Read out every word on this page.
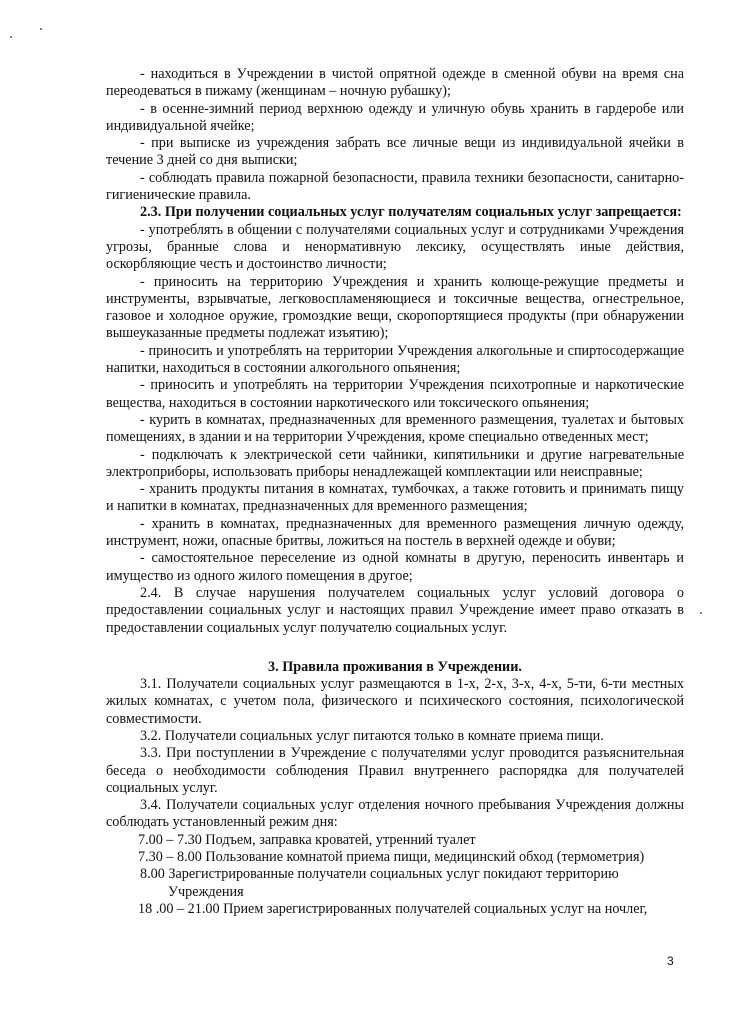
- находиться в Учреждении в чистой опрятной одежде в сменной обуви на время сна переодеваться в пижаму (женщинам – ночную рубашку);

- в осенне-зимний период верхнюю одежду и уличную обувь хранить в гардеробе или индивидуальной ячейке;

- при выписке из учреждения забрать все личные вещи из индивидуальной ячейки в течение 3 дней со дня выписки;

- соблюдать правила пожарной безопасности, правила техники безопасности, санитарно-гигиенические правила.

2.3. При получении социальных услуг получателям социальных услуг запрещается:

- употреблять в общении с получателями социальных услуг и сотрудниками Учреждения угрозы, бранные слова и ненормативную лексику, осуществлять иные действия, оскорбляющие честь и достоинство личности;

- приносить на территорию Учреждения и хранить колюще-режущие предметы и инструменты, взрывчатые, легковоспламеняющиеся и токсичные вещества, огнестрельное, газовое и холодное оружие, громоздкие вещи, скоропортящиеся продукты (при обнаружении вышеуказанные предметы подлежат изъятию);

- приносить и употреблять на территории Учреждения алкогольные и спиртосодержащие напитки, находиться в состоянии алкогольного опьянения;

- приносить и употреблять на территории Учреждения психотропные и наркотические вещества, находиться в состоянии наркотического или токсического опьянения;

- курить в комнатах, предназначенных для временного размещения, туалетах и бытовых помещениях, в здании и на территории Учреждения, кроме специально отведенных мест;

- подключать к электрической сети чайники, кипятильники и другие нагревательные электроприборы, использовать приборы ненадлежащей комплектации или неисправные;

- хранить продукты питания в комнатах, тумбочках, а также готовить и принимать пищу и напитки в комнатах, предназначенных для временного размещения;

- хранить в комнатах, предназначенных для временного размещения личную одежду, инструмент, ножи, опасные бритвы, ложиться на постель в верхней одежде и обуви;

- самостоятельное переселение из одной комнаты в другую, переносить инвентарь и имущество из одного жилого помещения в другое;

2.4. В случае нарушения получателем социальных услуг условий договора о предоставлении социальных услуг и настоящих правил Учреждение имеет право отказать в предоставлении социальных услуг получателю социальных услуг.

3. Правила проживания в Учреждении.

3.1. Получатели социальных услуг размещаются в 1-х, 2-х, 3-х, 4-х, 5-ти, 6-ти местных жилых комнатах, с учетом пола, физического и психического состояния, психологической совместимости.

3.2. Получатели социальных услуг питаются только в комнате приема пищи.

3.3. При поступлении в Учреждение с получателями услуг проводится разъяснительная беседа о необходимости соблюдения Правил внутреннего распорядка для получателей социальных услуг.

3.4. Получатели социальных услуг отделения ночного пребывания Учреждения должны соблюдать установленный режим дня:

7.00 – 7.30 Подъем, заправка кроватей, утренний туалет

7.30 – 8.00 Пользование комнатой приема пищи, медицинский обход (термометрия)

8.00 Зарегистрированные получатели социальных услуг покидают территорию Учреждения

18 .00 – 21.00 Прием зарегистрированных получателей социальных услуг на ночлег,

3
